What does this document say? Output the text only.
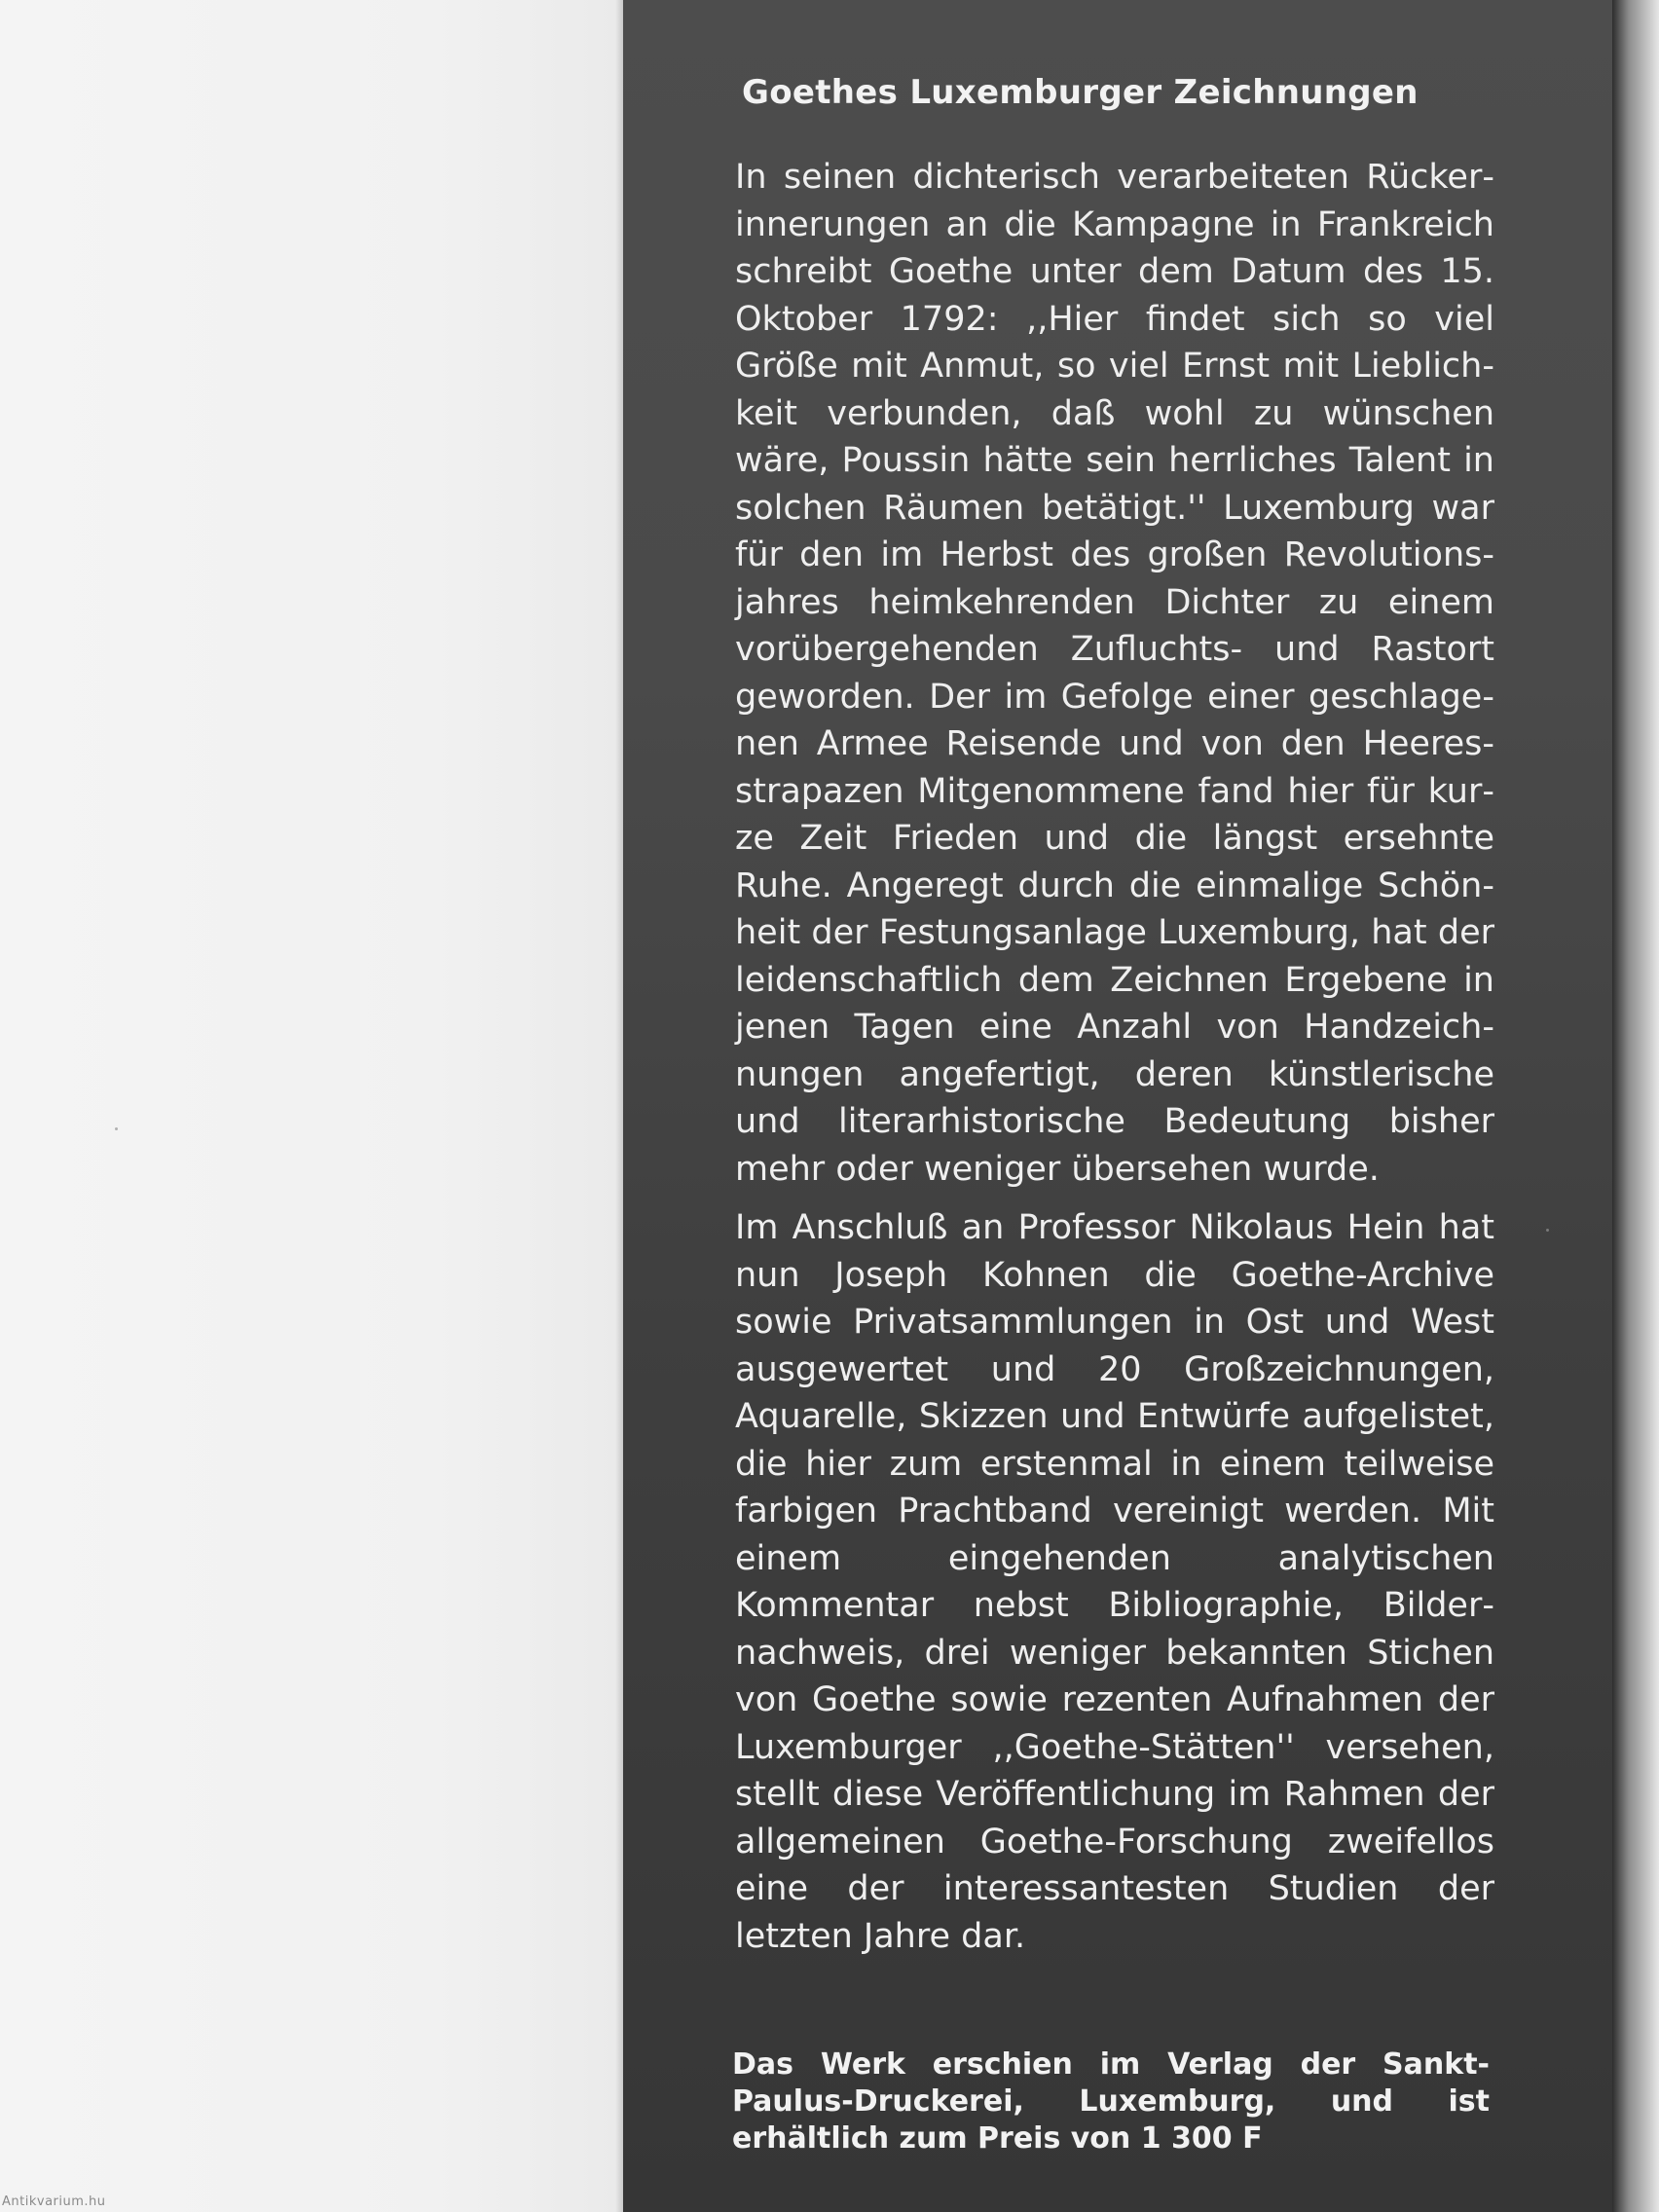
Goethes Luxemburger Zeichnungen

In seinen dichterisch verarbeiteten Rückerinnerungen an die Kampagne in Frankreich schreibt Goethe unter dem Datum des 15. Oktober 1792: ,,Hier findet sich so viel Größe mit Anmut, so viel Ernst mit Lieblichkeit verbunden, daß wohl zu wünschen wäre, Poussin hätte sein herrliches Talent in solchen Räumen betätigt.'' Luxemburg war für den im Herbst des großen Revolutionsjahres heimkehrenden Dichter zu einem vorübergehenden Zufluchts- und Rastort geworden. Der im Gefolge einer geschlagenen Armee Reisende und von den Heeresstrapazen Mitgenommene fand hier für kurze Zeit Frieden und die längst ersehnte Ruhe. Angeregt durch die einmalige Schönheit der Festungsanlage Luxemburg, hat der leidenschaftlich dem Zeichnen Ergebene in jenen Tagen eine Anzahl von Handzeichnungen angefertigt, deren künstlerische und literarhistorische Bedeutung bisher mehr oder weniger übersehen wurde.

Im Anschluß an Professor Nikolaus Hein hat nun Joseph Kohnen die Goethe-Archive sowie Privatsammlungen in Ost und West ausgewertet und 20 Großzeichnungen, Aquarelle, Skizzen und Entwürfe aufgelistet, die hier zum erstenmal in einem teilweise farbigen Prachtband vereinigt werden. Mit einem eingehenden analytischen Kommentar nebst Bibliographie, Bildernachweis, drei weniger bekannten Stichen von Goethe sowie rezenten Aufnahmen der Luxemburger ,,Goethe-Stätten'' versehen, stellt diese Veröffentlichung im Rahmen der allgemeinen Goethe-Forschung zweifellos eine der interessantesten Studien der letzten Jahre dar.

Das Werk erschien im Verlag der Sankt-Paulus-Druckerei, Luxemburg, und ist erhältlich zum Preis von 1 300 F

Antikvarium.hu
